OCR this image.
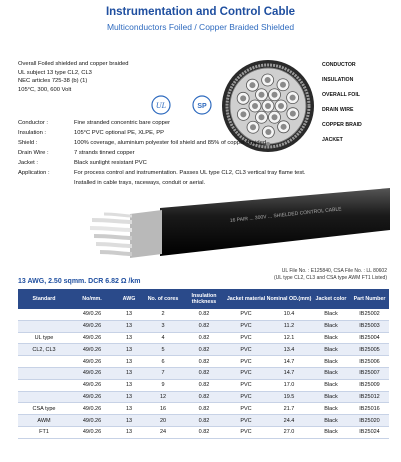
Instrumentation and Control Cable
Multiconductors Foiled / Copper Braided Shielded
Overall Foiled shielded and copper braided
UL subject 13 type CL2, CL3
NEC articles 725-38 (b) (1)
105°C, 300, 600 Volt
UL	SP
CONDUCTOR
INSULATION
OVERALL FOIL
DRAIN WIRE
COPPER BRAID
JACKET
Conductor :	Fine stranded concentric bare copper
Insulation :	105°C PVC optional PE, XLPE, PP
Shield :	100% coverage, aluminium polyester foil shield and 85% of copper braided
Drain Wire :	7 strands tinned copper
Jacket :	Black sunlight resistant PVC
Application :	For process control and instrumentation. Passes UL type CL2, CL3 vertical tray flame test.
Installed in cable trays, raceways, conduit or aerial.
16 PAIR ... 300V ... SHIELDED CONTROL CABLE
UL File No. : E125840, CSA File No. : LL 80602
(UL type CL2, CL3 and CSA type AWM FT1 Listed)
13 AWG, 2.50 sqmm. DCR 6.82 Ω /km
Standard	No/mm.	AWG	No. of cores	Insulation thickness	Jacket material	Nominal OD.(mm)	Jacket color	Part Number
	49/0.26	13	2	0.82	PVC	10.4	Black	IB25002
	49/0.26	13	3	0.82	PVC	11.2	Black	IB25003
UL type	49/0.26	13	4	0.82	PVC	12.1	Black	IB25004
CL2, CL3	49/0.26	13	5	0.82	PVC	13.4	Black	IB25005
	49/0.26	13	6	0.82	PVC	14.7	Black	IB25006
	49/0.26	13	7	0.82	PVC	14.7	Black	IB25007
	49/0.26	13	9	0.82	PVC	17.0	Black	IB25009
	49/0.26	13	12	0.82	PVC	19.5	Black	IB25012
CSA type	49/0.26	13	16	0.82	PVC	21.7	Black	IB25016
AWM	49/0.26	13	20	0.82	PVC	24.4	Black	IB25020
FT1	49/0.26	13	24	0.82	PVC	27.0	Black	IB25024
